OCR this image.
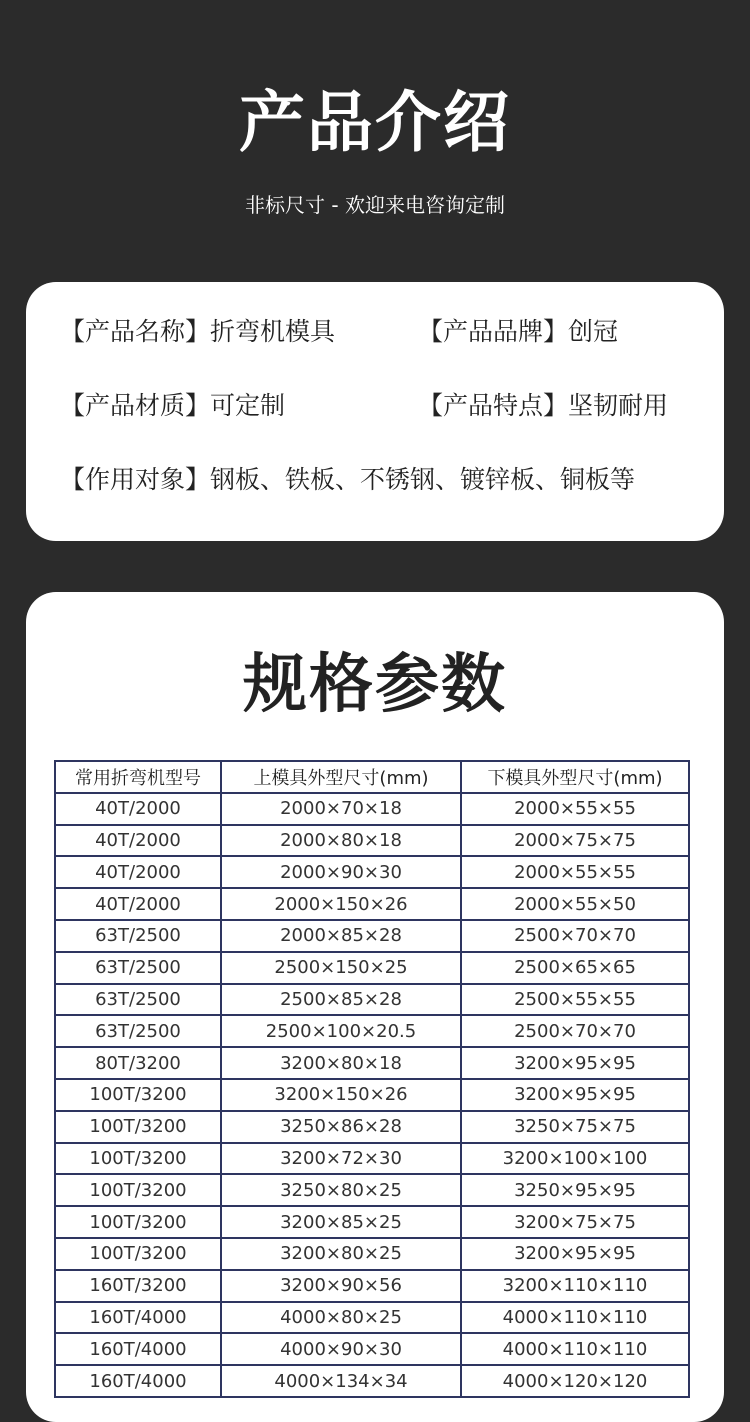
产品介绍
非标尺寸 - 欢迎来电咨询定制
【产品名称】折弯机模具	【产品品牌】创冠
【产品材质】可定制	【产品特点】坚韧耐用
【作用对象】钢板、铁板、不锈钢、镀锌板、铜板等
规格参数
常用折弯机型号	上模具外型尺寸(mm)	下模具外型尺寸(mm)
40T/2000	2000×70×18	2000×55×55
40T/2000	2000×80×18	2000×75×75
40T/2000	2000×90×30	2000×55×55
40T/2000	2000×150×26	2000×55×50
63T/2500	2000×85×28	2500×70×70
63T/2500	2500×150×25	2500×65×65
63T/2500	2500×85×28	2500×55×55
63T/2500	2500×100×20.5	2500×70×70
80T/3200	3200×80×18	3200×95×95
100T/3200	3200×150×26	3200×95×95
100T/3200	3250×86×28	3250×75×75
100T/3200	3200×72×30	3200×100×100
100T/3200	3250×80×25	3250×95×95
100T/3200	3200×85×25	3200×75×75
100T/3200	3200×80×25	3200×95×95
160T/3200	3200×90×56	3200×110×110
160T/4000	4000×80×25	4000×110×110
160T/4000	4000×90×30	4000×110×110
160T/4000	4000×134×34	4000×120×120
